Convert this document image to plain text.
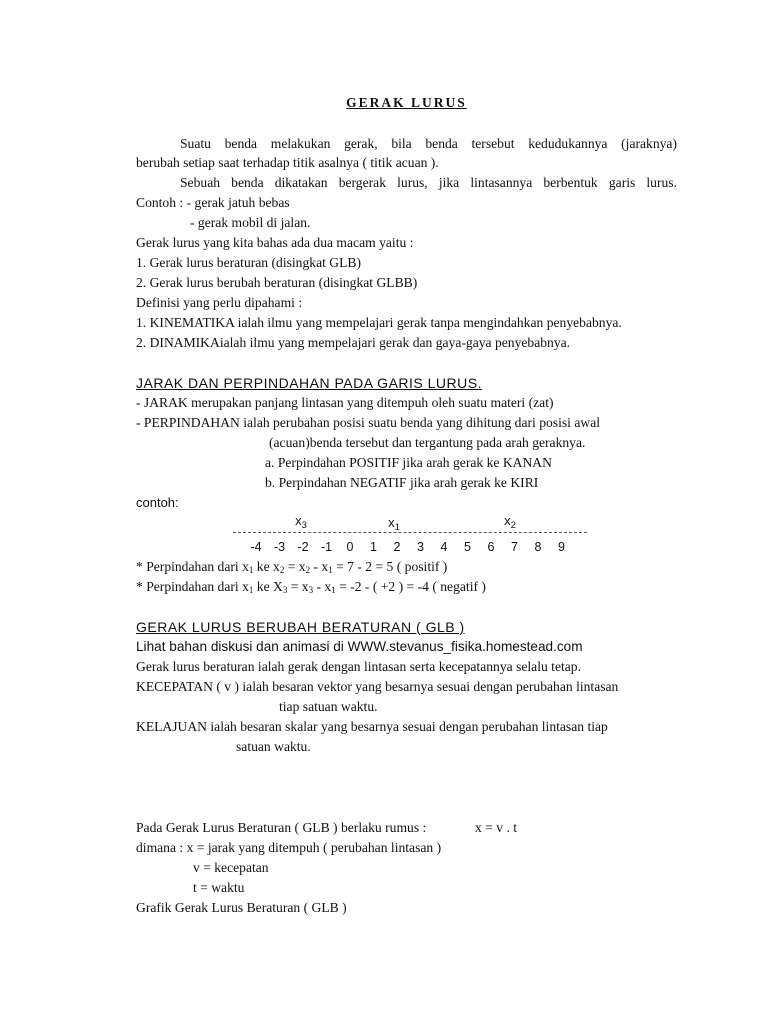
GERAK LURUS
Suatu benda melakukan gerak, bila benda tersebut kedudukannya (jaraknya)
berubah setiap saat terhadap titik asalnya ( titik acuan ).
Sebuah benda dikatakan bergerak lurus, jika lintasannya berbentuk garis lurus.
Contoh : - gerak jatuh bebas
- gerak mobil di jalan.
Gerak lurus yang kita bahas ada dua macam yaitu :
1. Gerak lurus beraturan (disingkat GLB)
2. Gerak lurus berubah beraturan (disingkat GLBB)
Definisi yang perlu dipahami :
1. KINEMATIKA ialah ilmu yang mempelajari gerak tanpa mengindahkan penyebabnya.
2. DINAMIKAialah ilmu yang mempelajari gerak dan gaya-gaya penyebabnya.
JARAK DAN PERPINDAHAN PADA GARIS LURUS.
- JARAK merupakan panjang lintasan yang ditempuh oleh suatu materi (zat)
- PERPINDAHAN ialah perubahan posisi suatu benda yang dihitung dari posisi awal
(acuan)benda tersebut dan tergantung pada arah geraknya.
a. Perpindahan POSITIF jika arah gerak ke KANAN
b. Perpindahan NEGATIF jika arah gerak ke KIRI
contoh:
$x_3$	$x_1$	$x_2$
-4 -3 -2 -1 0 1 2 3 4 5 6 7 8 9
* Perpindahan dari $x_1$ ke $x_2 = x_2 - x_1 = 7 - 2 = 5$ ( positif )
* Perpindahan dari $x_1$ ke $X_3 = x_3 - x_1 = -2$ - ( +2 ) = -4 ( negatif )
GERAK LURUS BERUBAH BERATURAN ( GLB )
Lihat bahan diskusi dan animasi di WWW.stevanus_fisika.homestead.com
Gerak lurus beraturan ialah gerak dengan lintasan serta kecepatannya selalu tetap.
KECEPATAN ( v ) ialah besaran vektor yang besarnya sesuai dengan perubahan lintasan
tiap satuan waktu.
KELAJUAN ialah besaran skalar yang besarnya sesuai dengan perubahan lintasan tiap
satuan waktu.
Pada Gerak Lurus Beraturan ( GLB ) berlaku rumus :	x = v . t
dimana : x = jarak yang ditempuh ( perubahan lintasan )
v = kecepatan
t = waktu
Grafik Gerak Lurus Beraturan ( GLB )
